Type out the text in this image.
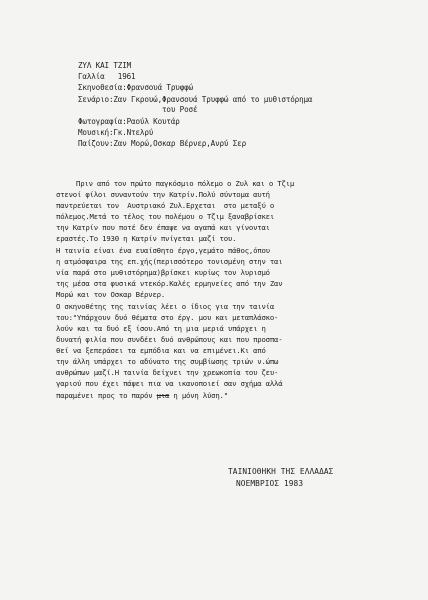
ΖΥΛ ΚΑΙ ΤΖΙΜ
Γαλλία   1961
Σκηνοθεσία:Φρανσουά Τρυφφώ
Σενάριο:Ζαν Γκρουώ,Φρανσουά Τρυφφώ από το μυθιστόρημα
του Ροσέ
Φωτογραφία:Ραούλ Κουτάρ
Μουσική:Γκ.Ντελρύ
Παίζουν:Ζαν Μορώ,Οσκαρ Βέρνερ,Ανρύ Σερ
Πριν από τον πρώτο παγκόσμιο πόλεμο ο Ζυλ και ο Τζιμ
στενοί φίλοι συναντούν την Κατρίν.Πολύ σύντομα αυτή
παντρεύεται τον  Αυστριακό Ζυλ.Ερχεται  στο μεταξύ ο
πόλεμος.Μετά το τέλος του πολέμου ο Τζιμ ξαναβρίσκει
την Κατρίν που ποτέ δεν έπαψε να αγαπά και γίνονται
εραστές.Το 1930 η Κατρίν πνίγεται μαζί του.
Η ταινία είναι ένα ευαίσθητο έργο,γεμάτο πάθος,όπου
η ατμόσφαιρα της επ.χής(περισσότερο τονισμένη στην ται
νία παρά στο μυθιστόρημα)βρίσκει κυρίως τον λυρισμό
της μέσα στα φυσικά ντεκόρ.Καλές ερμηνείες από την Ζαν
Μορώ και τον Οσκαρ Βέρνερ.
Ο σκηνοθέτης της ταινίας λέει ο ίδιος για την ταινία
του:"Υπάρχουν δυό θέματα στο έργ. μου και μεταπλάσκο-
λούν και τα δυό εξ ίσου.Από τη μια μεριά υπάρχει η
δυνατή φιλία που συνδέει δυό ανθρώπους και που προσπα-
θεί να ξεπεράσει τα εμπόδια και να επιμένει.Κι από
την άλλη υπάρχει το αδύνατο της συμβίωσης τριών ν.ώπω
ανθρώπων μαζί.Η ταινία δείχνει την χρεωκοπία του ζευ-
γαριού που έχει πάψει πια να ικανοποιεί σαν σχήμα αλλά
παραμένει προς το παρόν μια η μόνη λύση."
ΤΑΙΝΙΟΘΗΚΗ ΤΗΣ ΕΛΛΑΔΑΣ
ΝΟΕΜΒΡΙΟΣ 1983
